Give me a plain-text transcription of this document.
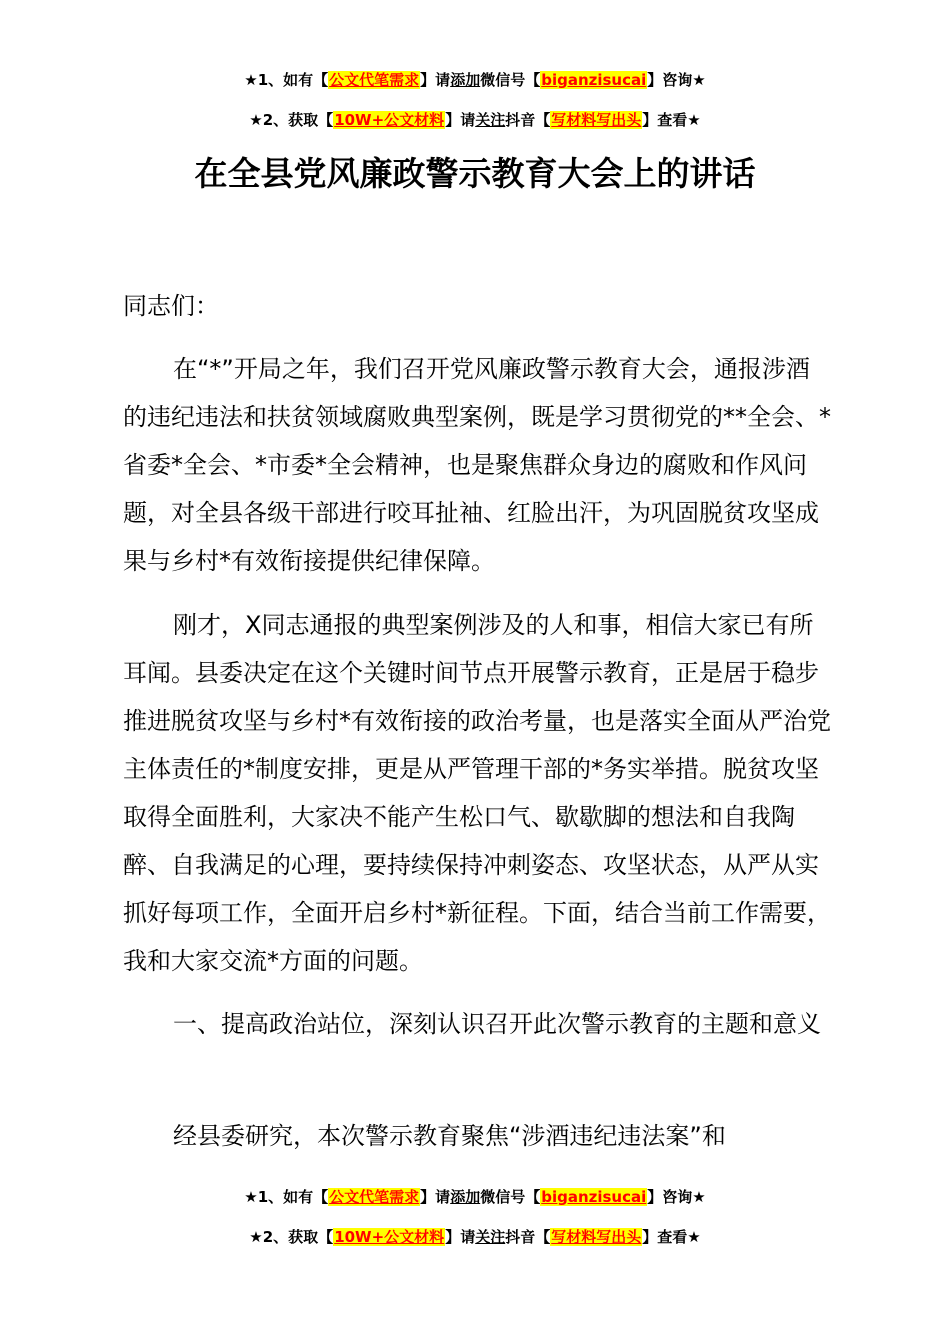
★1、如有【公文代笔需求】请添加微信号【biganzisucai】咨询★
★2、获取【10W+公文材料】请关注抖音【写材料写出头】查看★
在全县党风廉政警示教育大会上的讲话

同志们：

在“*”开局之年，我们召开党风廉政警示教育大会，通报涉酒的违纪违法和扶贫领域腐败典型案例，既是学习贯彻党的**全会、*省委*全会、*市委*全会精神，也是聚焦群众身边的腐败和作风问题，对全县各级干部进行咬耳扯袖、红脸出汗，为巩固脱贫攻坚成果与乡村*有效衔接提供纪律保障。

刚才，X同志通报的典型案例涉及的人和事，相信大家已有所耳闻。县委决定在这个关键时间节点开展警示教育，正是居于稳步推进脱贫攻坚与乡村*有效衔接的政治考量，也是落实全面从严治党主体责任的*制度安排，更是从严管理干部的*务实举措。脱贫攻坚取得全面胜利，大家决不能产生松口气、歇歇脚的想法和自我陶醉、自我满足的心理，要持续保持冲刺姿态、攻坚状态，从严从实抓好每项工作，全面开启乡村*新征程。下面，结合当前工作需要，我和大家交流*方面的问题。

一、提高政治站位，深刻认识召开此次警示教育的主题和意义

经县委研究，本次警示教育聚焦“涉酒违纪违法案”和

★1、如有【公文代笔需求】请添加微信号【biganzisucai】咨询★
★2、获取【10W+公文材料】请关注抖音【写材料写出头】查看★
